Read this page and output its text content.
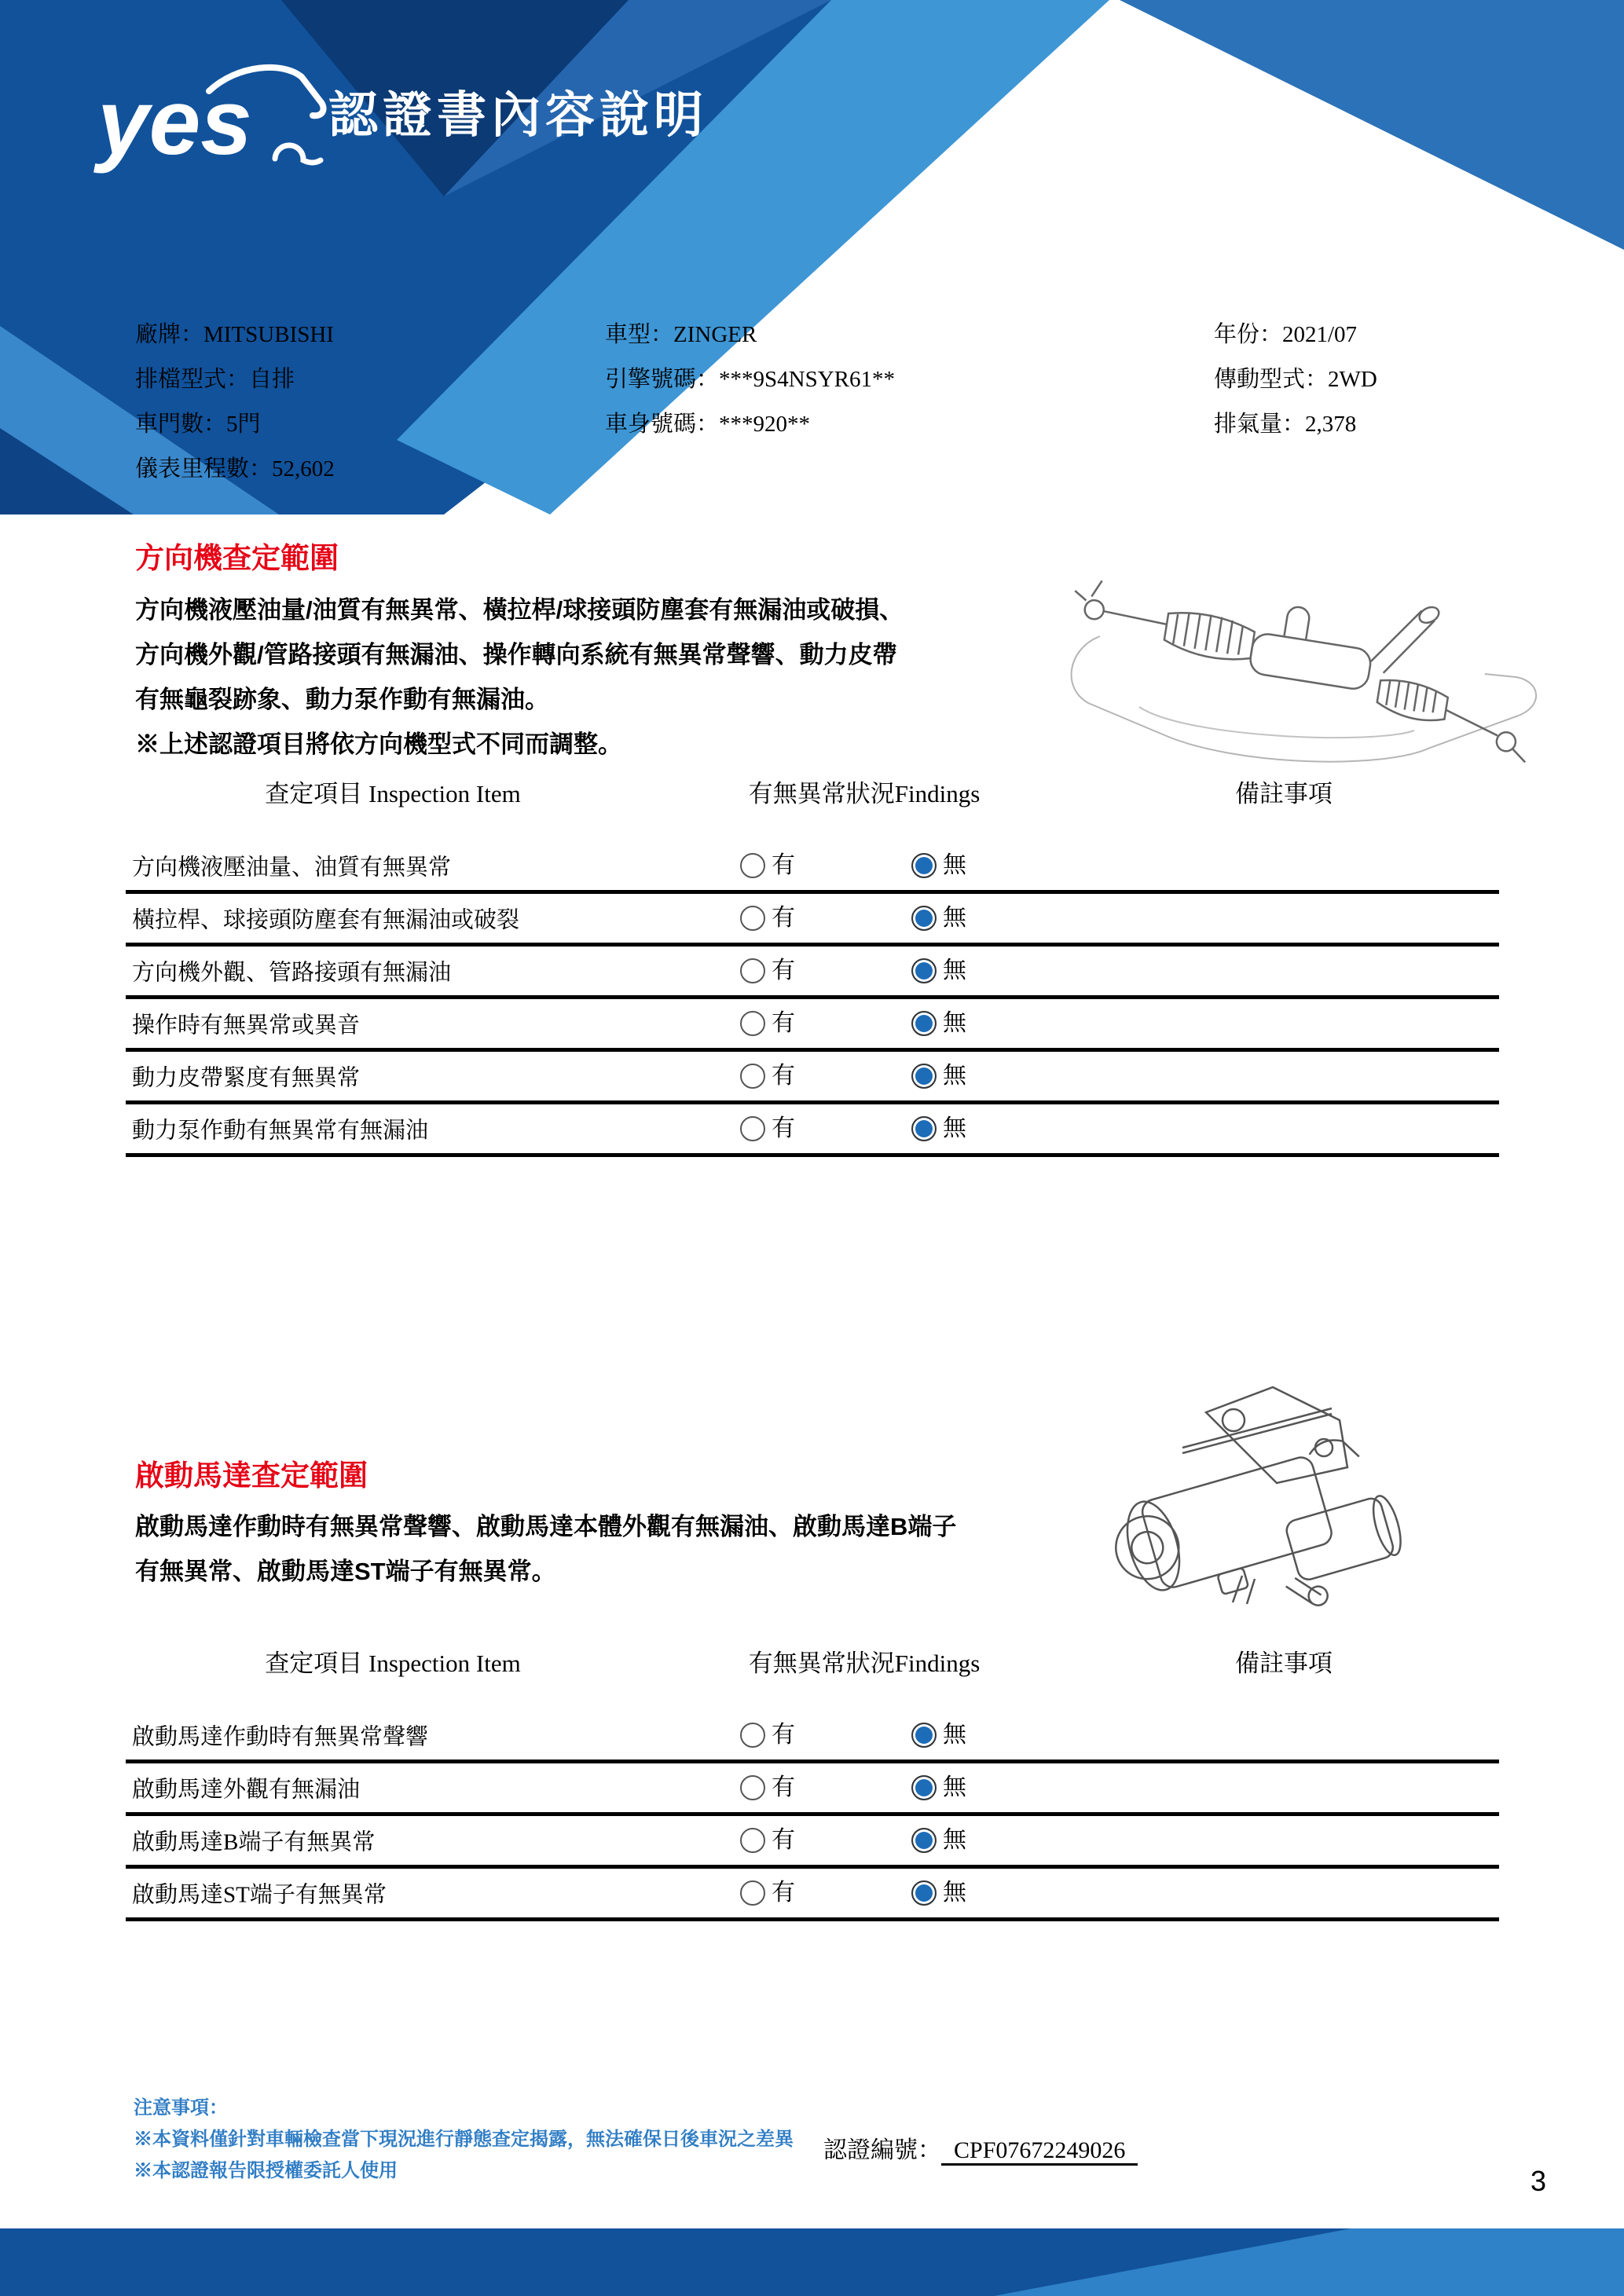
yes 認證書內容說明
廠牌：MITSUBISHI
排檔型式：自排
車門數：5門
儀表里程數：52,602
車型：ZINGER
引擎號碼：***9S4NSYR61**
車身號碼：***920**
年份：2021/07
傳動型式：2WD
排氣量：2,378
方向機查定範圍
方向機液壓油量/油質有無異常、橫拉桿/球接頭防塵套有無漏油或破損、
方向機外觀/管路接頭有無漏油、操作轉向系統有無異常聲響、動力皮帶
有無龜裂跡象、動力泵作動有無漏油。
※上述認證項目將依方向機型式不同而調整。
查定項目 Inspection Item	有無異常狀況Findings	備註事項
方向機液壓油量、油質有無異常	有	無
橫拉桿、球接頭防塵套有無漏油或破裂	有	無
方向機外觀、管路接頭有無漏油	有	無
操作時有無異常或異音	有	無
動力皮帶緊度有無異常	有	無
動力泵作動有無異常有無漏油	有	無
啟動馬達查定範圍
啟動馬達作動時有無異常聲響、啟動馬達本體外觀有無漏油、啟動馬達B端子
有無異常、啟動馬達ST端子有無異常。
查定項目 Inspection Item	有無異常狀況Findings	備註事項
啟動馬達作動時有無異常聲響	有	無
啟動馬達外觀有無漏油	有	無
啟動馬達B端子有無異常	有	無
啟動馬達ST端子有無異常	有	無
注意事項：
※本資料僅針對車輛檢查當下現況進行靜態查定揭露，無法確保日後車況之差異
※本認證報告限授權委託人使用
認證編號： CPF07672249026
3
